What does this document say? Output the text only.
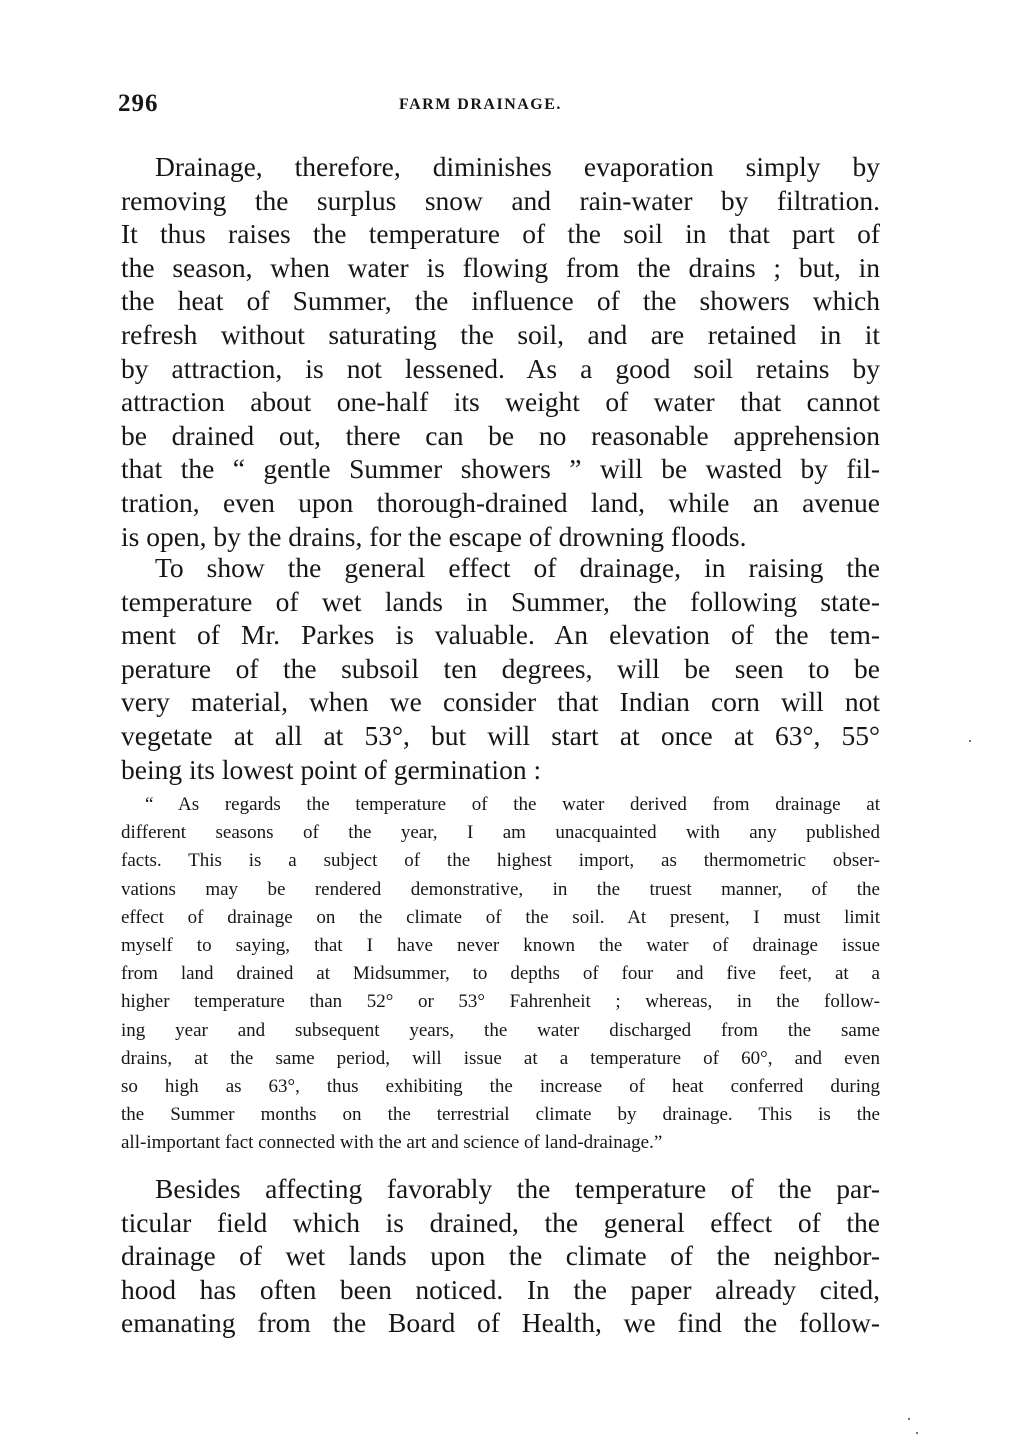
296	FARM DRAINAGE.
Drainage, therefore, diminishes evaporation simply by
removing the surplus snow and rain-water by filtration.
It thus raises the temperature of the soil in that part of
the season, when water is flowing from the drains ; but, in
the heat of Summer, the influence of the showers which
refresh without saturating the soil, and are retained in it
by attraction, is not lessened. As a good soil retains by
attraction about one-half its weight of water that cannot
be drained out, there can be no reasonable apprehension
that the “ gentle Summer showers ” will be wasted by fil-
tration, even upon thorough-drained land, while an avenue
is open, by the drains, for the escape of drowning floods.
To show the general effect of drainage, in raising the
temperature of wet lands in Summer, the following state-
ment of Mr. Parkes is valuable. An elevation of the tem-
perature of the subsoil ten degrees, will be seen to be
very material, when we consider that Indian corn will not
vegetate at all at 53°, but will start at once at 63°, 55°
being its lowest point of germination :
“ As regards the temperature of the water derived from drainage at
different seasons of the year, I am unacquainted with any published
facts. This is a subject of the highest import, as thermometric obser-
vations may be rendered demonstrative, in the truest manner, of the
effect of drainage on the climate of the soil. At present, I must limit
myself to saying, that I have never known the water of drainage issue
from land drained at Midsummer, to depths of four and five feet, at a
higher temperature than 52° or 53° Fahrenheit ; whereas, in the follow-
ing year and subsequent years, the water discharged from the same
drains, at the same period, will issue at a temperature of 60°, and even
so high as 63°, thus exhibiting the increase of heat conferred during
the Summer months on the terrestrial climate by drainage. This is the
all-important fact connected with the art and science of land-drainage.”
Besides affecting favorably the temperature of the par-
ticular field which is drained, the general effect of the
drainage of wet lands upon the climate of the neighbor-
hood has often been noticed. In the paper already cited,
emanating from the Board of Health, we find the follow-
